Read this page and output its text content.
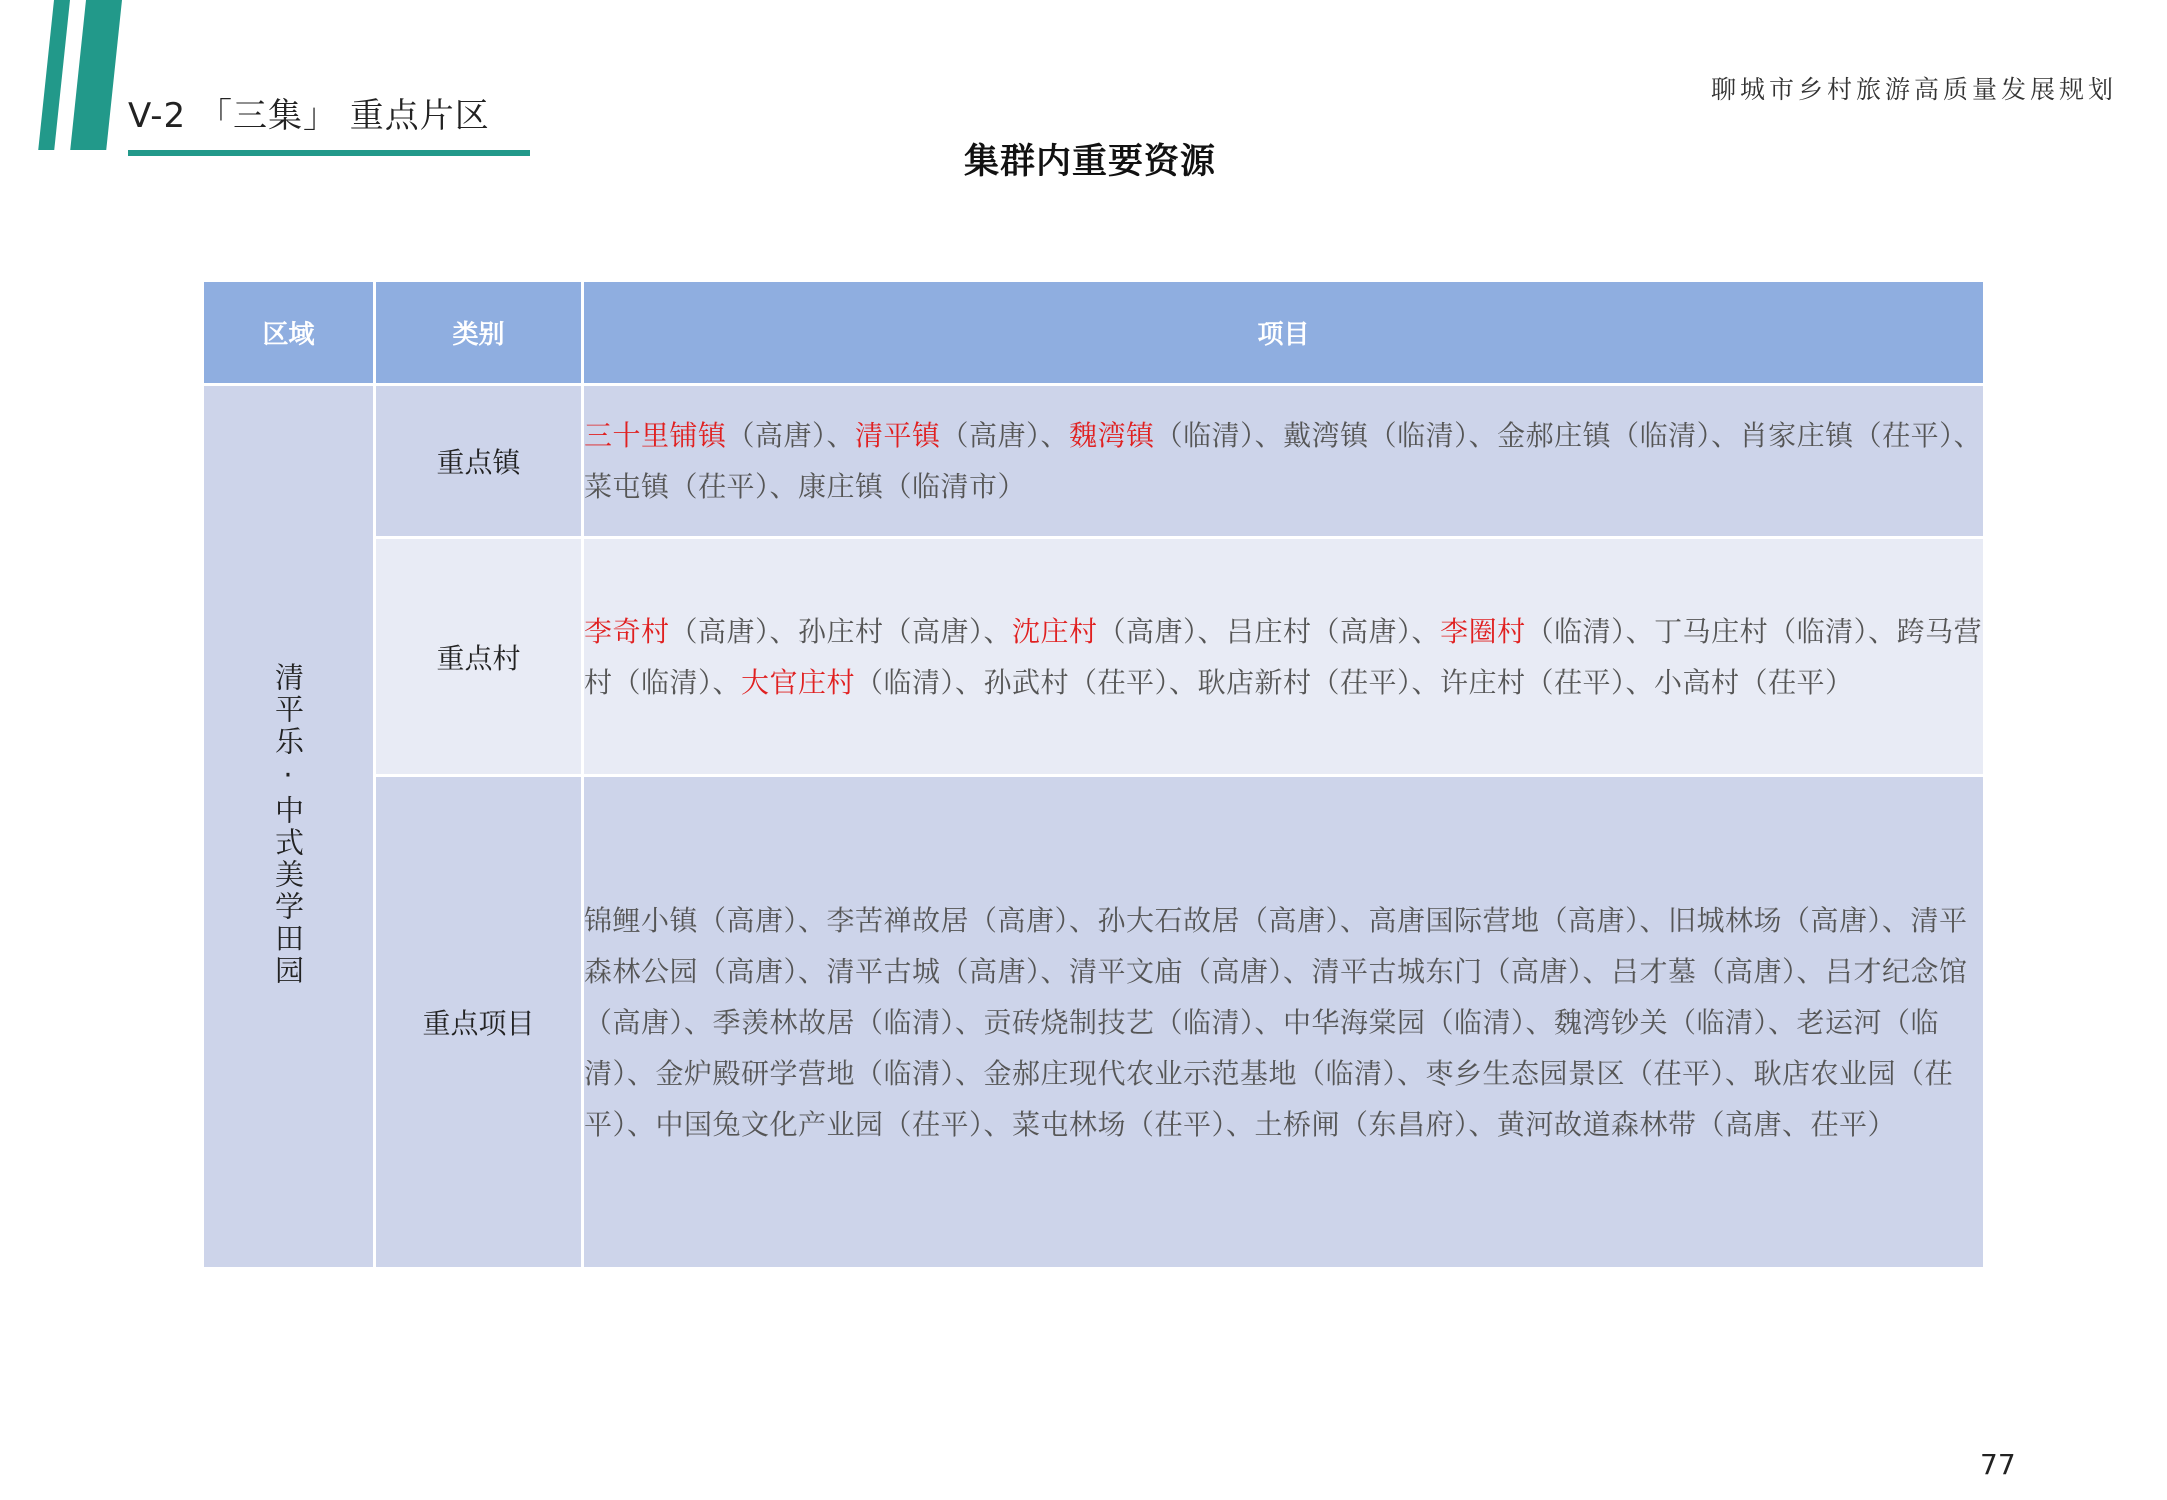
V-2 「三集」 重点片区
聊城市乡村旅游高质量发展规划
集群内重要资源
区域	类别	项目
清平乐·中式美学田园	重点镇	三十里铺镇（高唐）、清平镇（高唐）、魏湾镇（临清）、戴湾镇（临清）、金郝庄镇（临清）、肖家庄镇（茌平）、菜屯镇（茌平）、康庄镇（临清市）
	重点村	李奇村（高唐）、孙庄村（高唐）、沈庄村（高唐）、吕庄村（高唐）、李圈村（临清）、丁马庄村（临清）、跨马营村（临清）、大官庄村（临清）、孙武村（茌平）、耿店新村（茌平）、许庄村（茌平）、小高村（茌平）
	重点项目	锦鲤小镇（高唐）、李苦禅故居（高唐）、孙大石故居（高唐）、高唐国际营地（高唐）、旧城林场（高唐）、清平森林公园（高唐）、清平古城（高唐）、清平文庙（高唐）、清平古城东门（高唐）、吕才墓（高唐）、吕才纪念馆（高唐）、季羡林故居（临清）、贡砖烧制技艺（临清）、中华海棠园（临清）、魏湾钞关（临清）、老运河（临清）、金炉殿研学营地（临清）、金郝庄现代农业示范基地（临清）、枣乡生态园景区（茌平）、耿店农业园（茌平）、中国兔文化产业园（茌平）、菜屯林场（茌平）、土桥闸（东昌府）、黄河故道森林带（高唐、茌平）
77
